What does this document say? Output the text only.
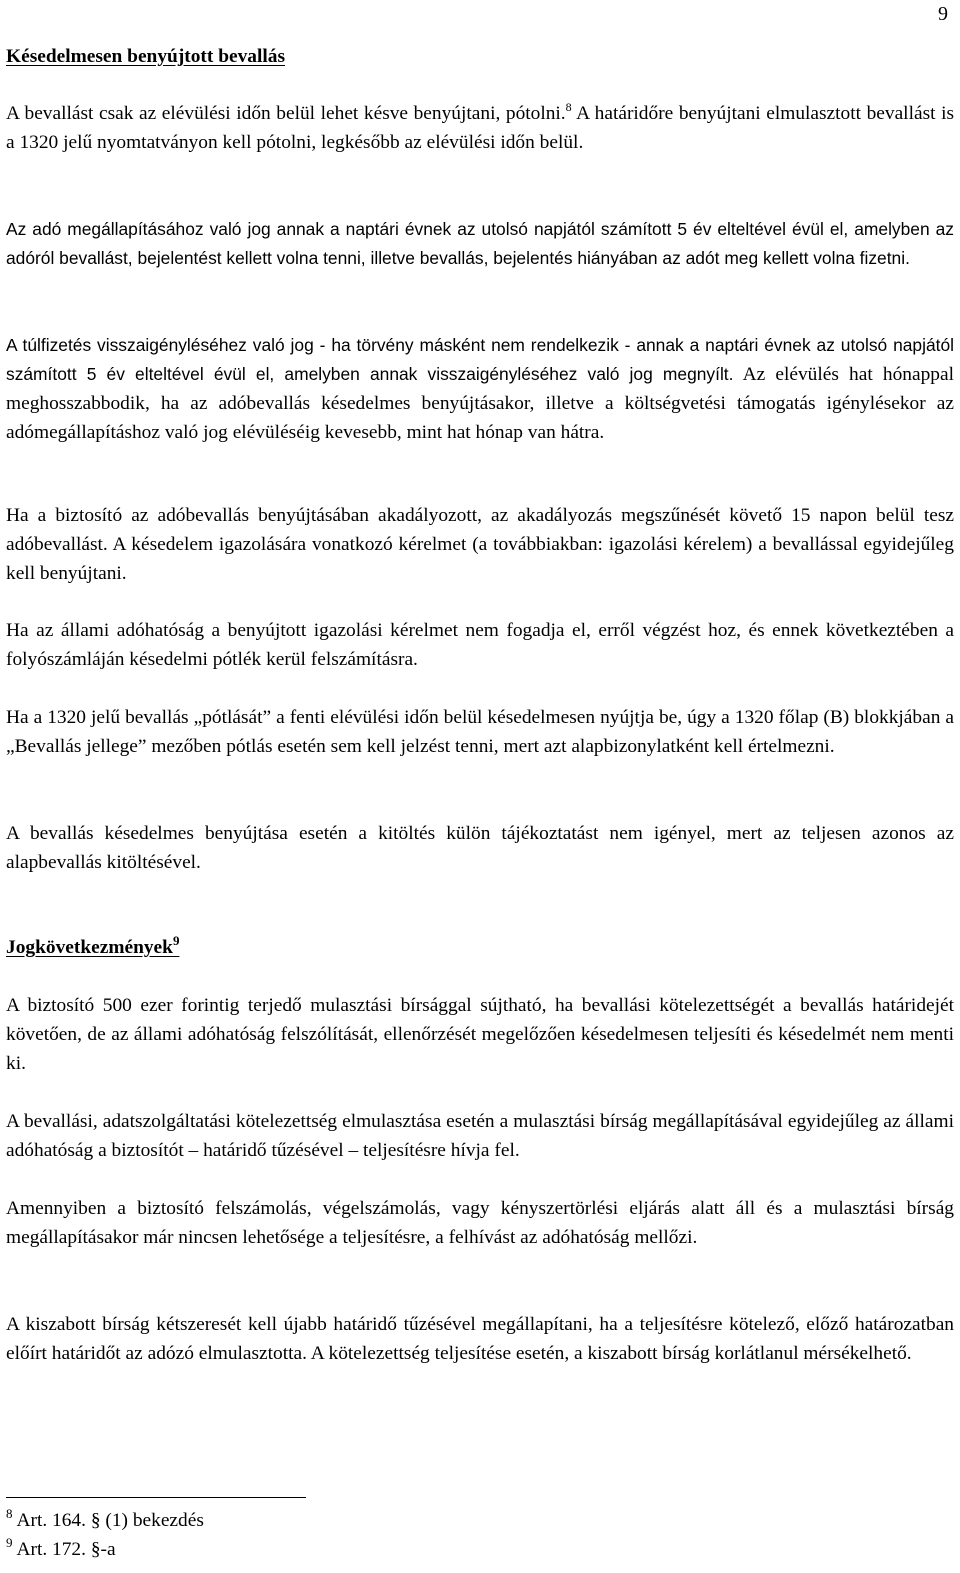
9
Késedelmesen benyújtott bevallás

A bevallást csak az elévülési időn belül lehet késve benyújtani, pótolni.$^8$ A határidőre benyújtani elmulasztott bevallást is a 1320 jelű nyomtatványon kell pótolni, legkésőbb az elévülési időn belül.

Az adó megállapításához való jog annak a naptári évnek az utolsó napjától számított 5 év elteltével évül el, amelyben az adóról bevallást, bejelentést kellett volna tenni, illetve bevallás, bejelentés hiányában az adót meg kellett volna fizetni.

A túlfizetés visszaigényléséhez való jog - ha törvény másként nem rendelkezik - annak a naptári évnek az utolsó napjától számított 5 év elteltével évül el, amelyben annak visszaigényléséhez való jog megnyílt. Az elévülés hat hónappal meghosszabbodik, ha az adóbevallás késedelmes benyújtásakor, illetve a költségvetési támogatás igénylésekor az adómegállapításhoz való jog elévüléséig kevesebb, mint hat hónap van hátra.

Ha a biztosító az adóbevallás benyújtásában akadályozott, az akadályozás megszűnését követő 15 napon belül tesz adóbevallást. A késedelem igazolására vonatkozó kérelmet (a továbbiakban: igazolási kérelem) a bevallással egyidejűleg kell benyújtani.

Ha az állami adóhatóság a benyújtott igazolási kérelmet nem fogadja el, erről végzést hoz, és ennek következtében a folyószámláján késedelmi pótlék kerül felszámításra.

Ha a 1320 jelű bevallás „pótlását” a fenti elévülési időn belül késedelmesen nyújtja be, úgy a 1320 főlap (B) blokkjában a „Bevallás jellege” mezőben pótlás esetén sem kell jelzést tenni, mert azt alapbizonylatként kell értelmezni.

A bevallás késedelmes benyújtása esetén a kitöltés külön tájékoztatást nem igényel, mert az teljesen azonos az alapbevallás kitöltésével.

Jogkövetkezmények$^9$

A biztosító 500 ezer forintig terjedő mulasztási bírsággal sújtható, ha bevallási kötelezettségét a bevallás határidejét követően, de az állami adóhatóság felszólítását, ellenőrzését megelőzően késedelmesen teljesíti és késedelmét nem menti ki.

A bevallási, adatszolgáltatási kötelezettség elmulasztása esetén a mulasztási bírság megállapításával egyidejűleg az állami adóhatóság a biztosítót – határidő tűzésével – teljesítésre hívja fel.

Amennyiben a biztosító felszámolás, végelszámolás, vagy kényszertörlési eljárás alatt áll és a mulasztási bírság megállapításakor már nincsen lehetősége a teljesítésre, a felhívást az adóhatóság mellőzi.

A kiszabott bírság kétszeresét kell újabb határidő tűzésével megállapítani, ha a teljesítésre kötelező, előző határozatban előírt határidőt az adózó elmulasztotta. A kötelezettség teljesítése esetén, a kiszabott bírság korlátlanul mérsékelhető.

$^8$ Art. 164. § (1) bekezdés
$^9$ Art. 172. §-a
